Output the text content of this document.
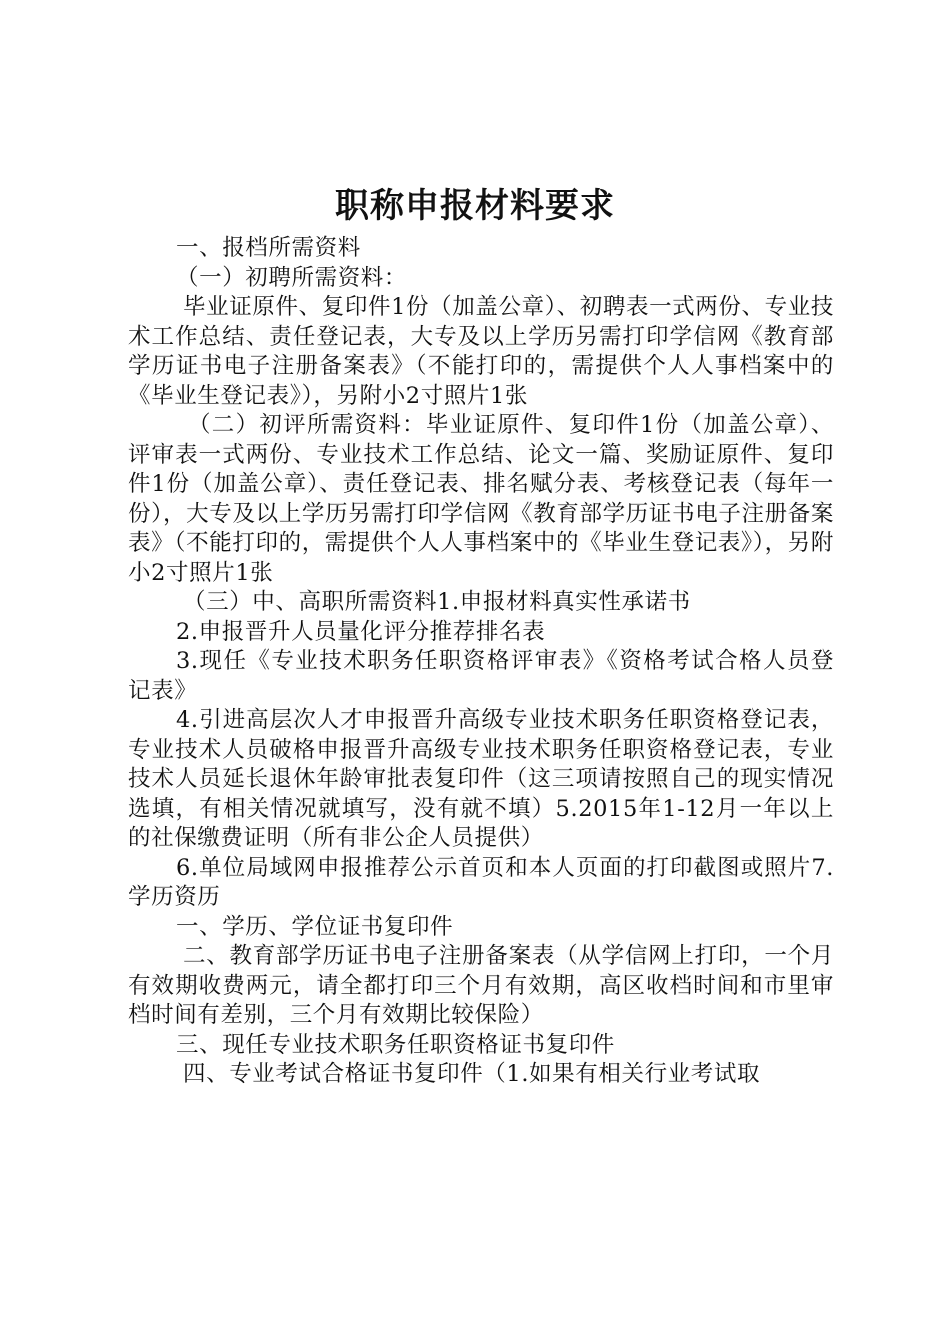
职称申报材料要求

一、报档所需资料

（一）初聘所需资料：

毕业证原件、复印件1份（加盖公章）、初聘表一式两份、专业技术工作总结、责任登记表，大专及以上学历另需打印学信网《教育部学历证书电子注册备案表》（不能打印的，需提供个人人事档案中的《毕业生登记表》），另附小2寸照片1张

（二）初评所需资料：毕业证原件、复印件1份（加盖公章）、评审表一式两份、专业技术工作总结、论文一篇、奖励证原件、复印件1份（加盖公章）、责任登记表、排名赋分表、考核登记表（每年一份），大专及以上学历另需打印学信网《教育部学历证书电子注册备案表》（不能打印的，需提供个人人事档案中的《毕业生登记表》），另附小2寸照片1张

（三）中、高职所需资料1.申报材料真实性承诺书

2.申报晋升人员量化评分推荐排名表

3.现任《专业技术职务任职资格评审表》《资格考试合格人员登记表》

4.引进高层次人才申报晋升高级专业技术职务任职资格登记表，专业技术人员破格申报晋升高级专业技术职务任职资格登记表，专业技术人员延长退休年龄审批表复印件（这三项请按照自己的现实情况选填，有相关情况就填写，没有就不填）5.2015年1-12月一年以上的社保缴费证明（所有非公企人员提供）

6.单位局域网申报推荐公示首页和本人页面的打印截图或照片7.学历资历

一、学历、学位证书复印件

二、教育部学历证书电子注册备案表（从学信网上打印，一个月有效期收费两元，请全都打印三个月有效期，高区收档时间和市里审档时间有差别，三个月有效期比较保险）

三、现任专业技术职务任职资格证书复印件

四、专业考试合格证书复印件（1.如果有相关行业考试取
